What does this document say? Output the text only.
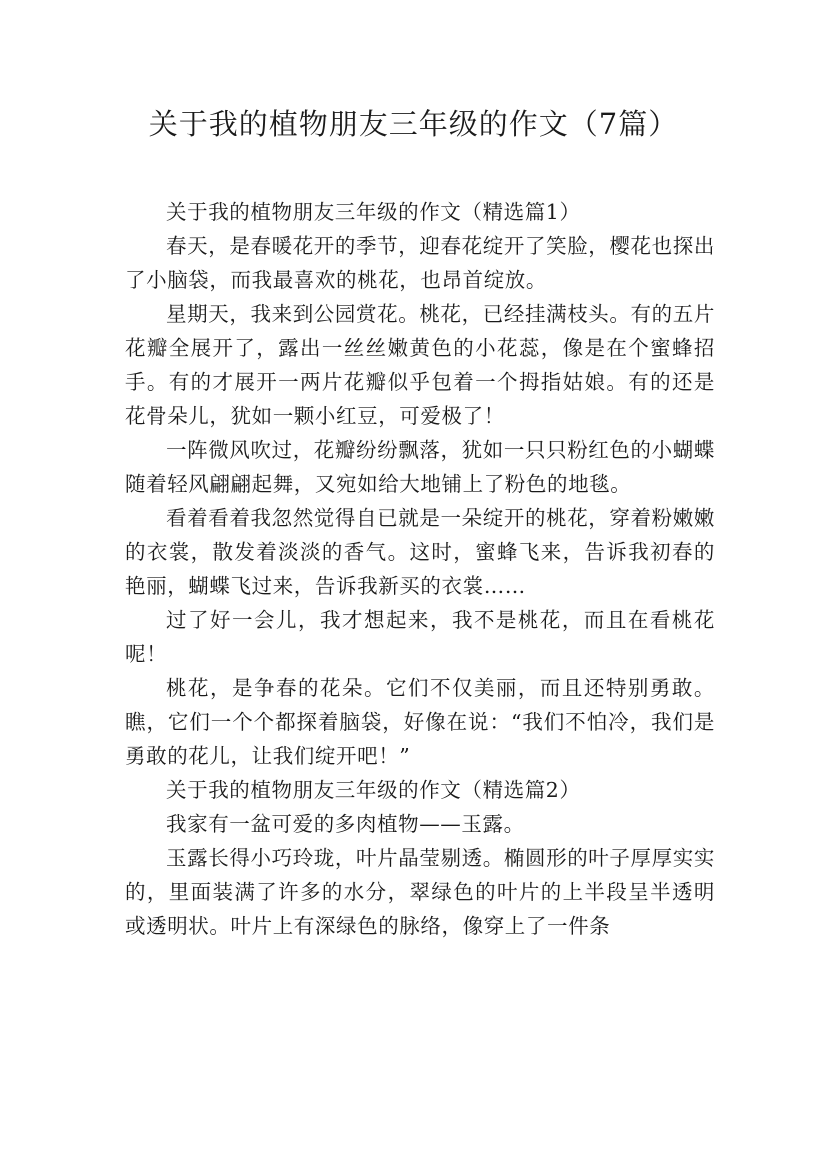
关于我的植物朋友三年级的作文（7篇）

关于我的植物朋友三年级的作文（精选篇1）

春天，是春暖花开的季节，迎春花绽开了笑脸，樱花也探出了小脑袋，而我最喜欢的桃花，也昂首绽放。

星期天，我来到公园赏花。桃花，已经挂满枝头。有的五片花瓣全展开了，露出一丝丝嫩黄色的小花蕊，像是在个蜜蜂招手。有的才展开一两片花瓣似乎包着一个拇指姑娘。有的还是花骨朵儿，犹如一颗小红豆，可爱极了！

一阵微风吹过，花瓣纷纷飘落，犹如一只只粉红色的小蝴蝶随着轻风翩翩起舞，又宛如给大地铺上了粉色的地毯。

看着看着我忽然觉得自已就是一朵绽开的桃花，穿着粉嫩嫩的衣裳，散发着淡淡的香气。这时，蜜蜂飞来，告诉我初春的艳丽，蝴蝶飞过来，告诉我新买的衣裳……

过了好一会儿，我才想起来，我不是桃花，而且在看桃花呢！

桃花，是争春的花朵。它们不仅美丽，而且还特别勇敢。瞧，它们一个个都探着脑袋，好像在说：“我们不怕冷，我们是勇敢的花儿，让我们绽开吧！”

关于我的植物朋友三年级的作文（精选篇2）

我家有一盆可爱的多肉植物——玉露。

玉露长得小巧玲珑，叶片晶莹剔透。椭圆形的叶子厚厚实实的，里面装满了许多的水分，翠绿色的叶片的上半段呈半透明或透明状。叶片上有深绿色的脉络，像穿上了一件条
